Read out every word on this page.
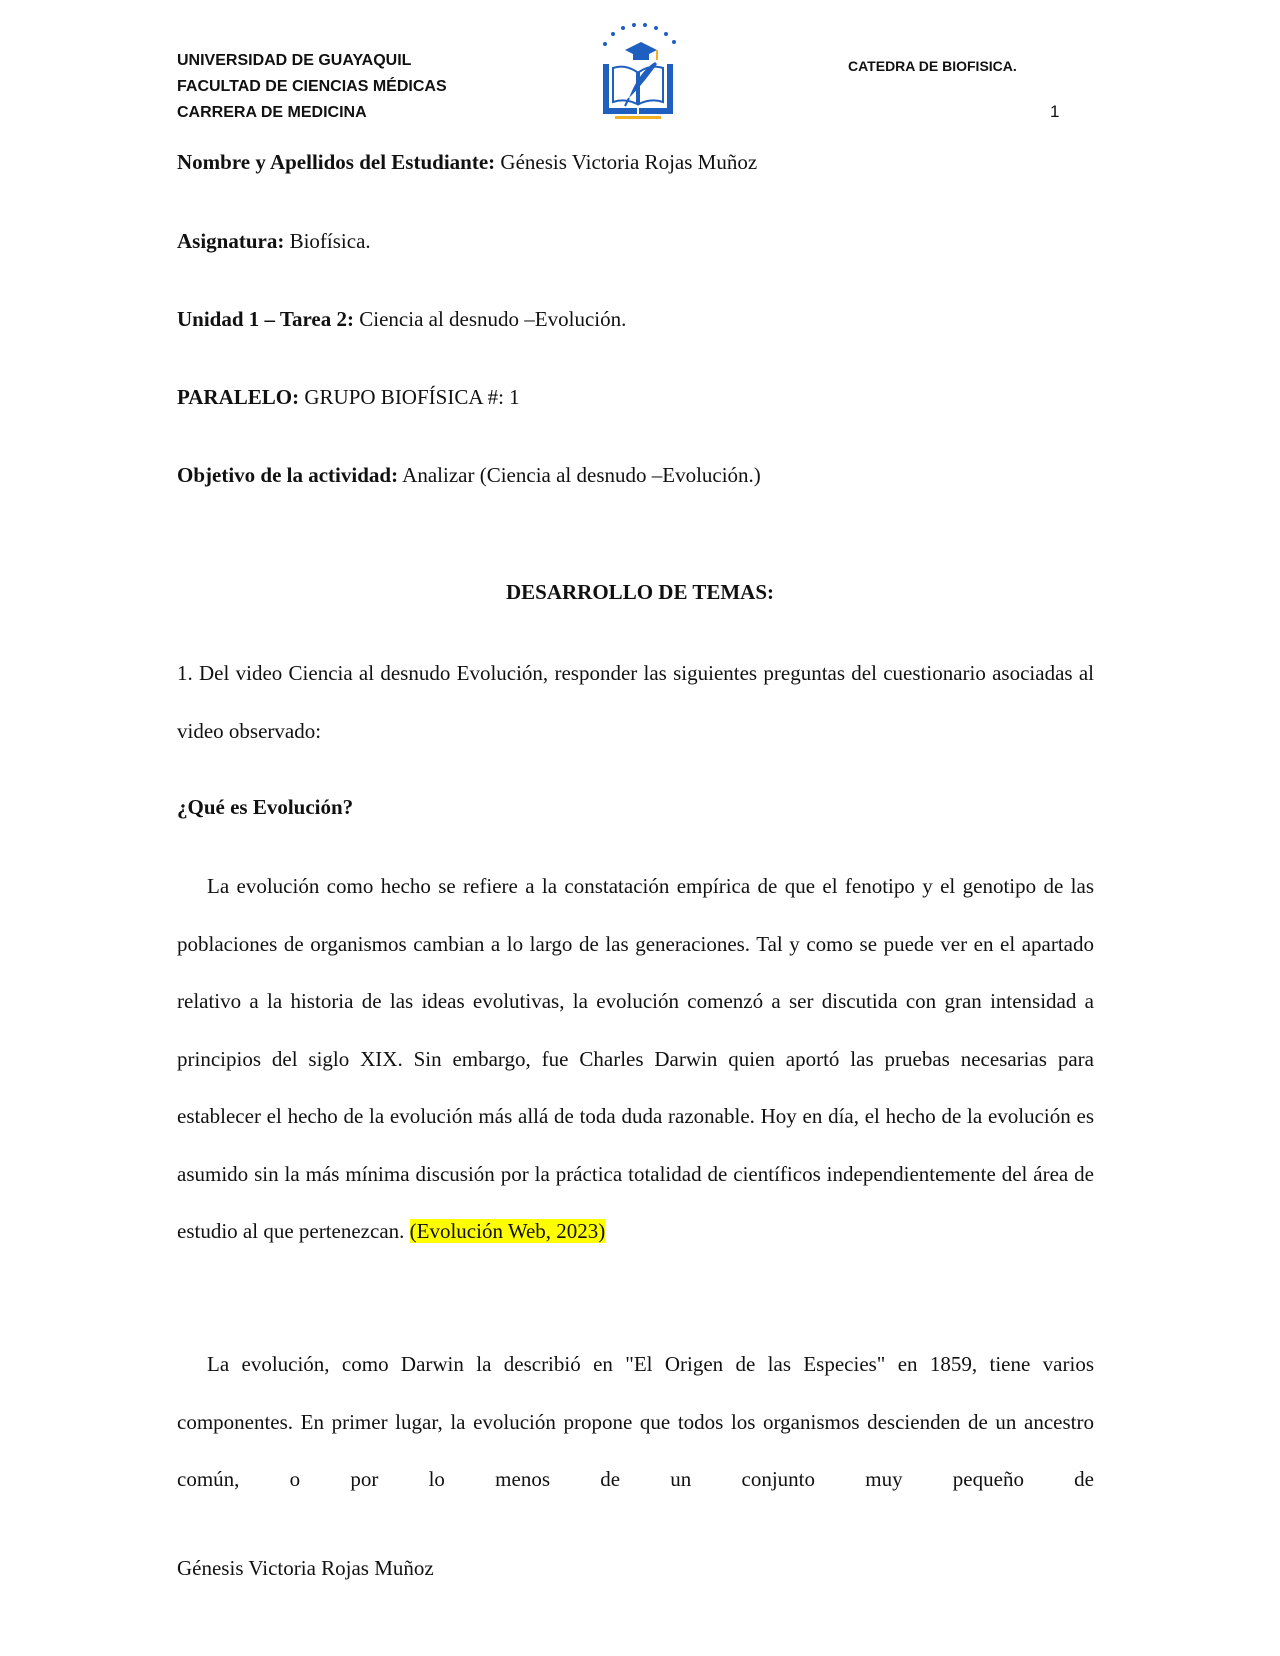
UNIVERSIDAD DE GUAYAQUIL
FACULTAD DE CIENCIAS MÉDICAS
CARRERA DE MEDICINA
CATEDRA DE BIOFISICA.
1
Nombre y Apellidos del Estudiante: Génesis Victoria Rojas Muñoz
Asignatura: Biofísica.
Unidad 1 – Tarea 2: Ciencia al desnudo –Evolución.
PARALELO: GRUPO BIOFÍSICA #: 1
Objetivo de la actividad: Analizar (Ciencia al desnudo –Evolución.)
DESARROLLO DE TEMAS:

1. Del video Ciencia al desnudo Evolución, responder las siguientes preguntas del cuestionario asociadas al video observado:

¿Qué es Evolución?

La evolución como hecho se refiere a la constatación empírica de que el fenotipo y el genotipo de las poblaciones de organismos cambian a lo largo de las generaciones. Tal y como se puede ver en el apartado relativo a la historia de las ideas evolutivas, la evolución comenzó a ser discutida con gran intensidad a principios del siglo XIX. Sin embargo, fue Charles Darwin quien aportó las pruebas necesarias para establecer el hecho de la evolución más allá de toda duda razonable. Hoy en día, el hecho de la evolución es asumido sin la más mínima discusión por la práctica totalidad de científicos independientemente del área de estudio al que pertenezcan. (Evolución Web, 2023)

La evolución, como Darwin la describió en "El Origen de las Especies" en 1859, tiene varios componentes. En primer lugar, la evolución propone que todos los organismos descienden de un ancestro común, o por lo menos de un conjunto muy pequeño de

Génesis Victoria Rojas Muñoz
